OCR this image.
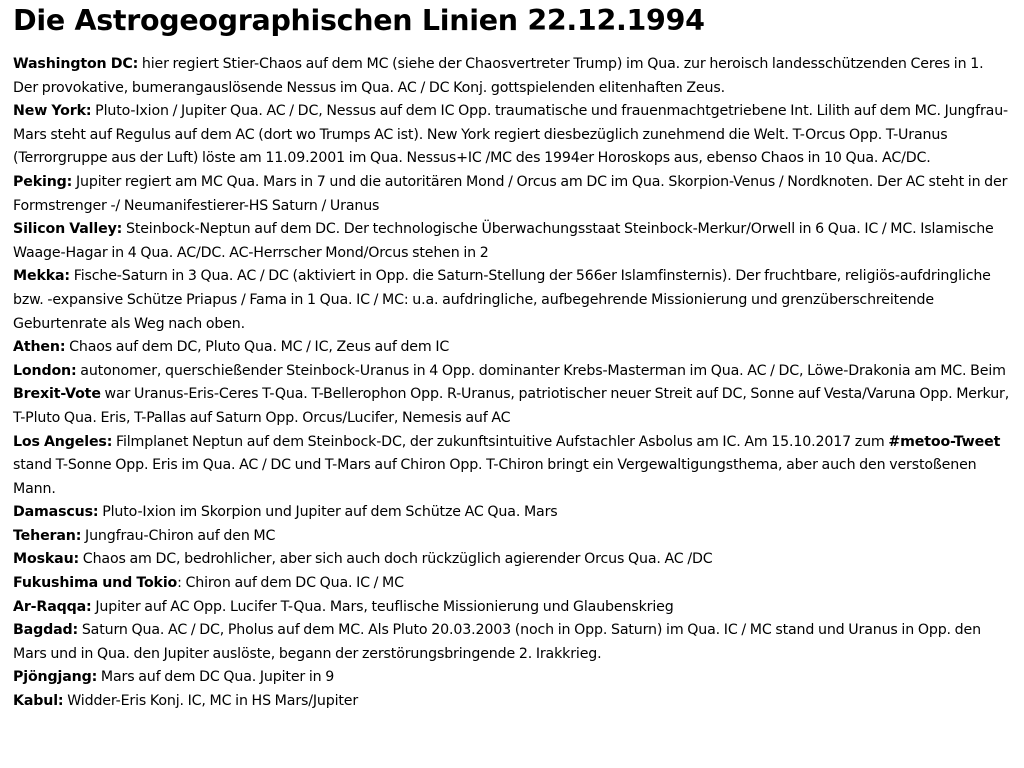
Die Astrogeographischen Linien 22.12.1994

Washington DC: hier regiert Stier-Chaos auf dem MC (siehe der Chaosvertreter Trump) im Qua. zur heroisch landesschützenden Ceres in 1. Der provokative, bumerangauslösende Nessus im Qua. AC / DC Konj. gottspielenden elitenhaften Zeus.

New York: Pluto-Ixion / Jupiter Qua. AC / DC, Nessus auf dem IC Opp. traumatische und frauenmachtgetriebene Int. Lilith auf dem MC. Jungfrau-Mars steht auf Regulus auf dem AC (dort wo Trumps AC ist). New York regiert diesbezüglich zunehmend die Welt. T-Orcus Opp. T-Uranus (Terrorgruppe aus der Luft) löste am 11.09.2001 im Qua. Nessus+IC /MC des 1994er Horoskops aus, ebenso Chaos in 10 Qua. AC/DC.

Peking: Jupiter regiert am MC Qua. Mars in 7 und die autoritären Mond / Orcus am DC im Qua. Skorpion-Venus / Nordknoten. Der AC steht in der Formstrenger -/ Neumanifestierer-HS Saturn / Uranus

Silicon Valley: Steinbock-Neptun auf dem DC. Der technologische Überwachungsstaat Steinbock-Merkur/Orwell in 6 Qua. IC / MC. Islamische Waage-Hagar in 4 Qua. AC/DC. AC-Herrscher Mond/Orcus stehen in 2

Mekka: Fische-Saturn in 3 Qua. AC / DC (aktiviert in Opp. die Saturn-Stellung der 566er Islamfinsternis). Der fruchtbare, religiös-aufdringliche bzw. -expansive Schütze Priapus / Fama in 1 Qua. IC / MC: u.a. aufdringliche, aufbegehrende Missionierung und grenzüberschreitende Geburtenrate als Weg nach oben.

Athen: Chaos auf dem DC, Pluto Qua. MC / IC, Zeus auf dem IC

London: autonomer, querschießender Steinbock-Uranus in 4 Opp. dominanter Krebs-Masterman im Qua. AC / DC, Löwe-Drakonia am MC. Beim Brexit-Vote war Uranus-Eris-Ceres T-Qua. T-Bellerophon Opp. R-Uranus, patriotischer neuer Streit auf DC, Sonne auf Vesta/Varuna Opp. Merkur, T-Pluto Qua. Eris, T-Pallas auf Saturn Opp. Orcus/Lucifer, Nemesis auf AC

Los Angeles: Filmplanet Neptun auf dem Steinbock-DC, der zukunftsintuitive Aufstachler Asbolus am IC. Am 15.10.2017 zum #metoo-Tweet stand T-Sonne Opp. Eris im Qua. AC / DC und T-Mars auf Chiron Opp. T-Chiron bringt ein Vergewaltigungsthema, aber auch den verstoßenen Mann.

Damascus: Pluto-Ixion im Skorpion und Jupiter auf dem Schütze AC Qua. Mars

Teheran: Jungfrau-Chiron auf den MC

Moskau: Chaos am DC, bedrohlicher, aber sich auch doch rückzüglich agierender Orcus Qua. AC /DC

Fukushima und Tokio: Chiron auf dem DC Qua. IC / MC

Ar-Raqqa: Jupiter auf AC Opp. Lucifer T-Qua. Mars, teuflische Missionierung und Glaubenskrieg

Bagdad: Saturn Qua. AC / DC, Pholus auf dem MC. Als Pluto 20.03.2003 (noch in Opp. Saturn) im Qua. IC / MC stand und Uranus in Opp. den Mars und in Qua. den Jupiter auslöste, begann der zerstörungsbringende 2. Irakkrieg.

Pjöngjang: Mars auf dem DC Qua. Jupiter in 9

Kabul: Widder-Eris Konj. IC, MC in HS Mars/Jupiter
